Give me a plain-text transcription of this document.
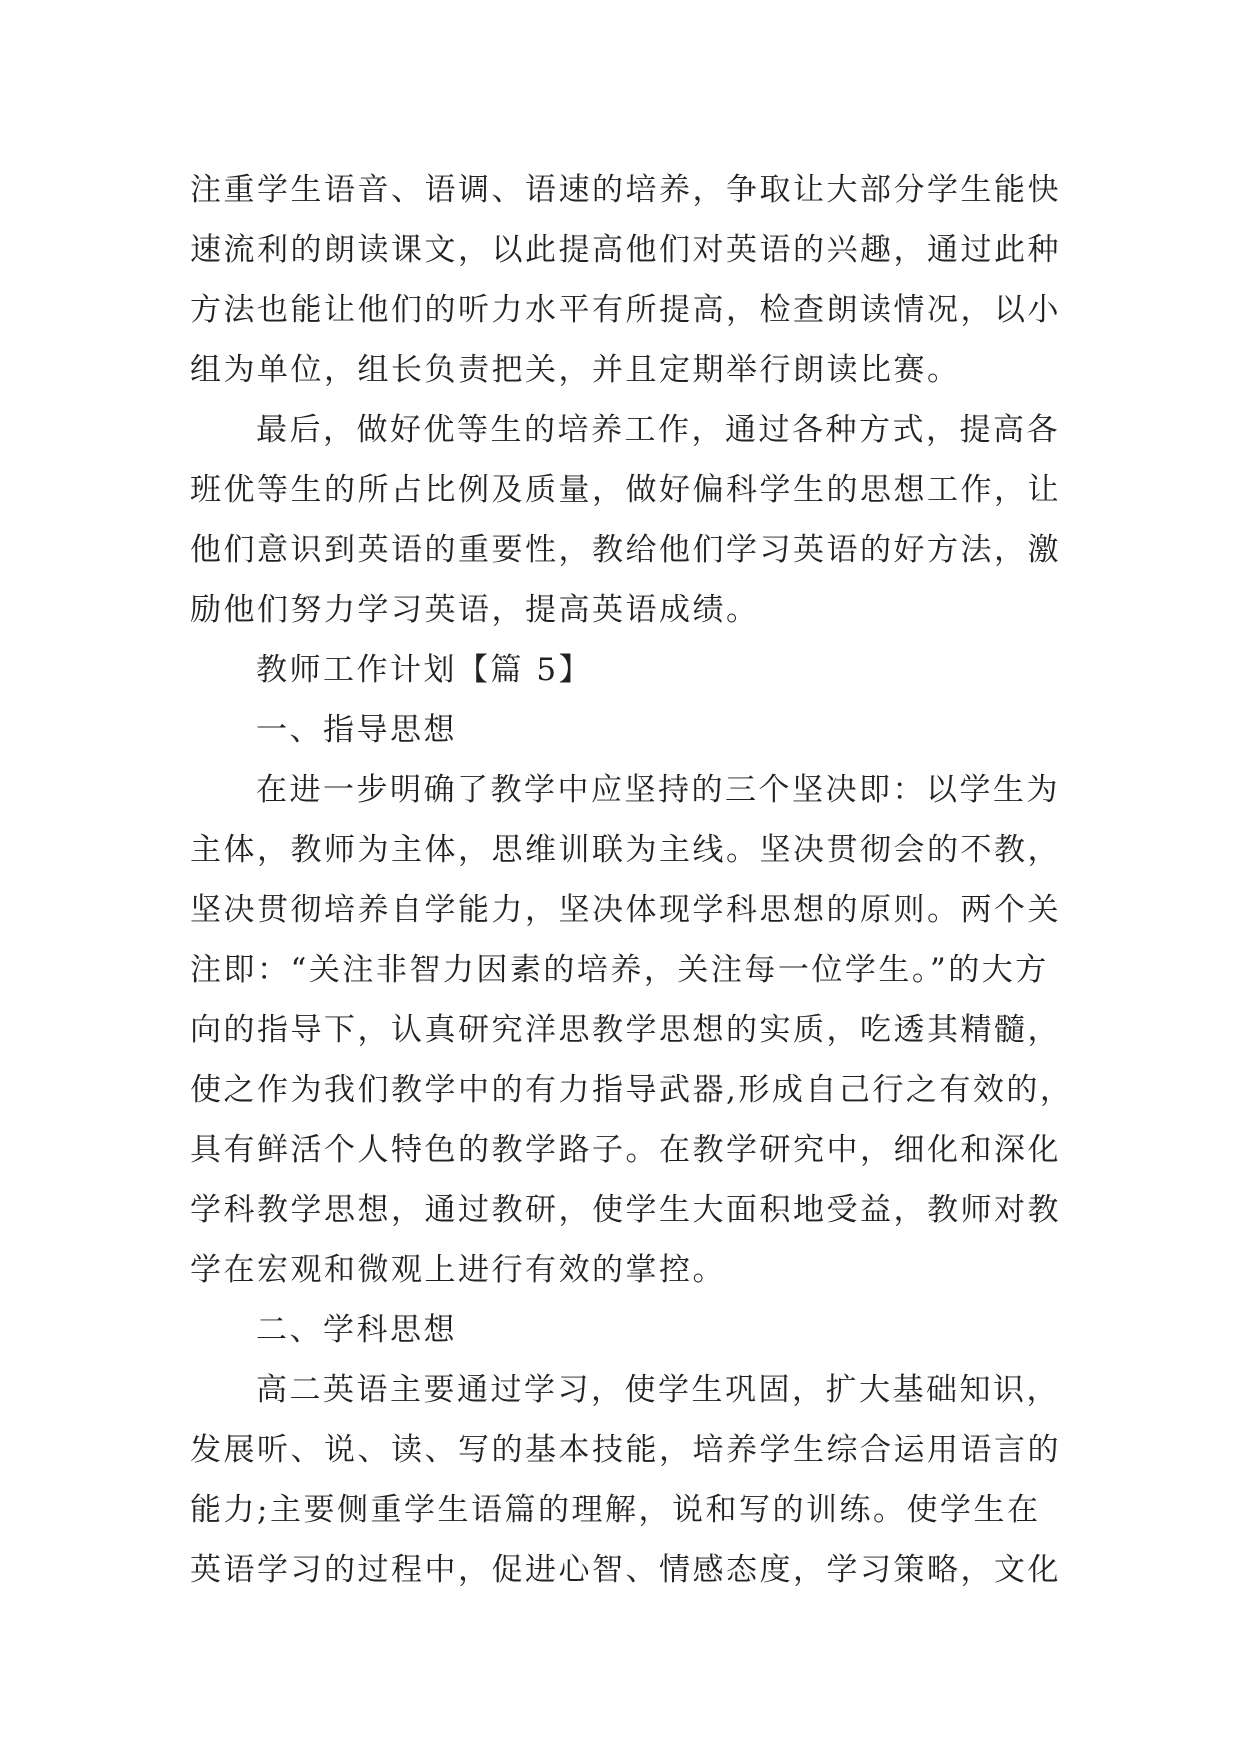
注重学生语音、语调、语速的培养，争取让大部分学生能快
速流利的朗读课文，以此提高他们对英语的兴趣，通过此种
方法也能让他们的听力水平有所提高，检查朗读情况，以小
组为单位，组长负责把关，并且定期举行朗读比赛。
最后，做好优等生的培养工作，通过各种方式，提高各
班优等生的所占比例及质量，做好偏科学生的思想工作，让
他们意识到英语的重要性，教给他们学习英语的好方法，激
励他们努力学习英语，提高英语成绩。
教师工作计划【篇 5】
一、指导思想
在进一步明确了教学中应坚持的三个坚决即：以学生为
主体，教师为主体，思维训联为主线。坚决贯彻会的不教，
坚决贯彻培养自学能力，坚决体现学科思想的原则。两个关
注即：“关注非智力因素的培养，关注每一位学生。”的大方
向的指导下，认真研究洋思教学思想的实质，吃透其精髓，
使之作为我们教学中的有力指导武器,形成自己行之有效的，
具有鲜活个人特色的教学路子。在教学研究中，细化和深化
学科教学思想，通过教研，使学生大面积地受益，教师对教
学在宏观和微观上进行有效的掌控。
二、学科思想
高二英语主要通过学习，使学生巩固，扩大基础知识，
发展听、说、读、写的基本技能，培养学生综合运用语言的
能力;主要侧重学生语篇的理解，说和写的训练。使学生在
英语学习的过程中，促进心智、情感态度，学习策略，文化
